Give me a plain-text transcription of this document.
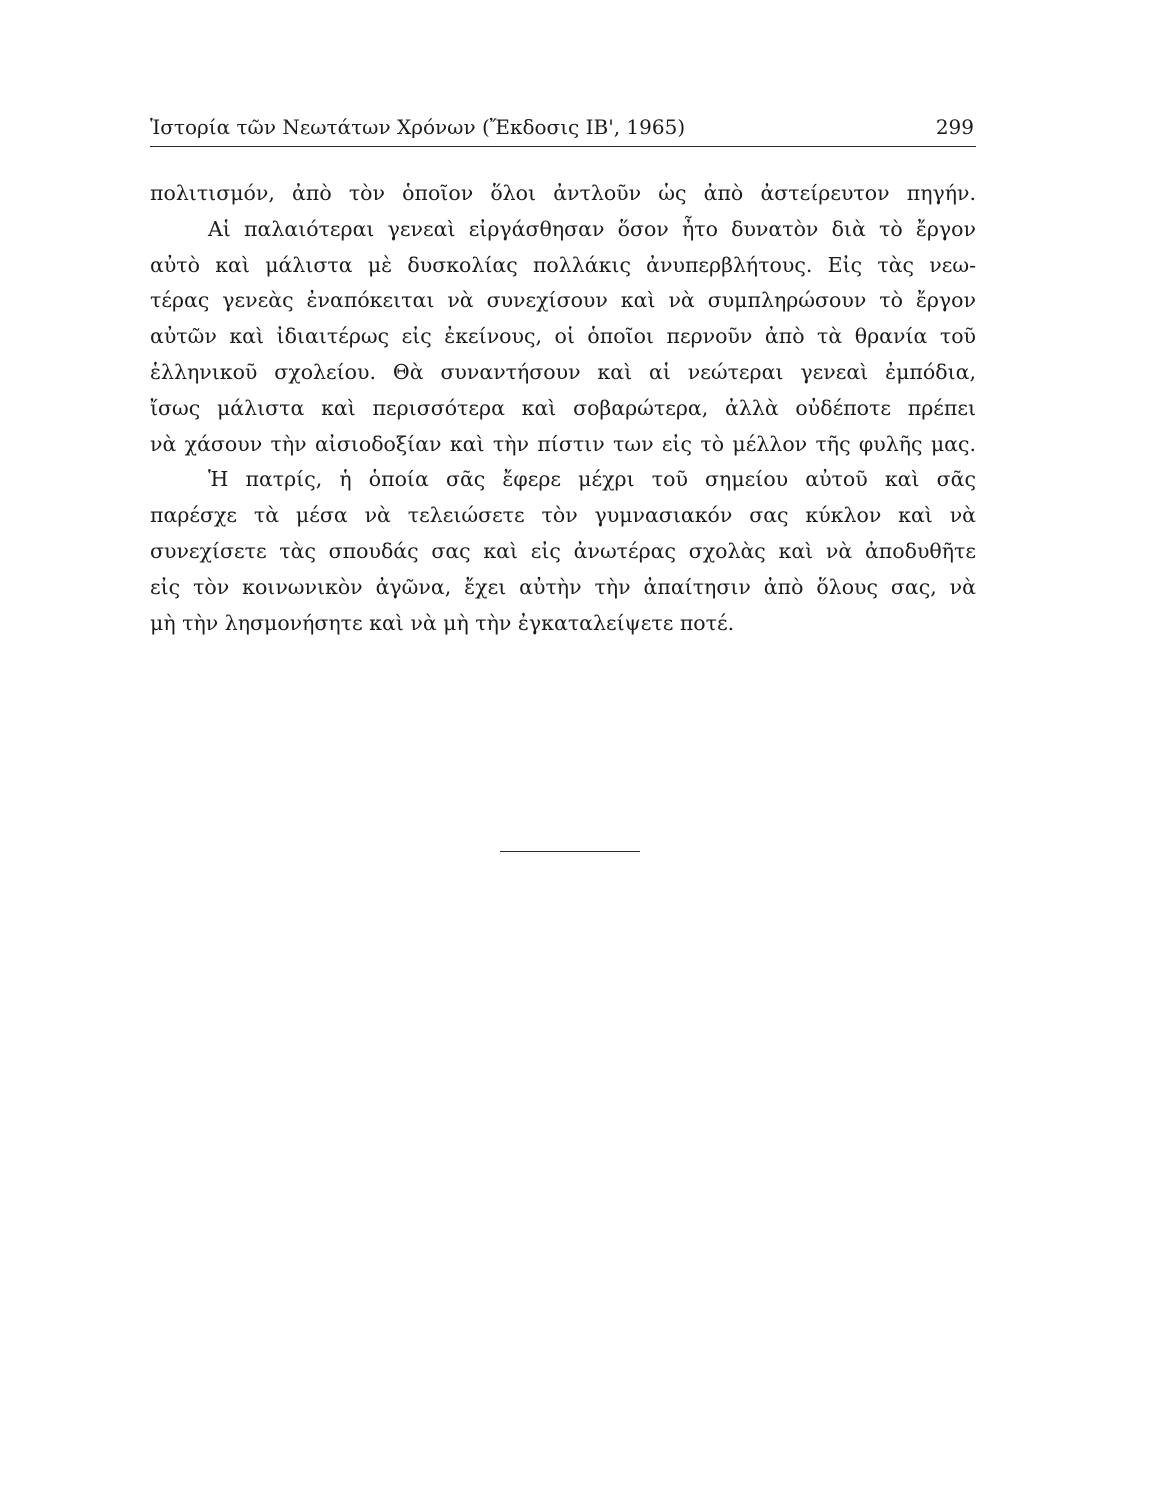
Ἱστορία τῶν Νεωτάτων Χρόνων (Ἔκδοσις ΙΒ', 1965)	299
πολιτισμόν, ἀπὸ τὸν ὁποῖον ὅλοι ἀντλοῦν ὡς ἀπὸ ἀστείρευτον πηγήν.
Αἱ παλαιότεραι γενεαὶ εἰργάσθησαν ὅσον ἦτο δυνατὸν διὰ τὸ ἔργον
αὐτὸ καὶ μάλιστα μὲ δυσκολίας πολλάκις ἀνυπερβλήτους. Εἰς τὰς νεω-
τέρας γενεὰς ἐναπόκειται νὰ συνεχίσουν καὶ νὰ συμπληρώσουν τὸ ἔργον
αὐτῶν καὶ ἰδιαιτέρως εἰς ἐκείνους, οἱ ὁποῖοι περνοῦν ἀπὸ τὰ θρανία τοῦ
ἑλληνικοῦ σχολείου. Θὰ συναντήσουν καὶ αἱ νεώτεραι γενεαὶ ἐμπόδια,
ἴσως μάλιστα καὶ περισσότερα καὶ σοβαρώτερα, ἀλλὰ οὐδέποτε πρέπει
νὰ χάσουν τὴν αἰσιοδοξίαν καὶ τὴν πίστιν των εἰς τὸ μέλλον τῆς φυλῆς μας.
Ἡ πατρίς, ἡ ὁποία σᾶς ἔφερε μέχρι τοῦ σημείου αὐτοῦ καὶ σᾶς
παρέσχε τὰ μέσα νὰ τελειώσετε τὸν γυμνασιακόν σας κύκλον καὶ νὰ
συνεχίσετε τὰς σπουδάς σας καὶ εἰς ἀνωτέρας σχολὰς καὶ νὰ ἀποδυθῆτε
εἰς τὸν κοινωνικὸν ἀγῶνα, ἔχει αὐτὴν τὴν ἀπαίτησιν ἀπὸ ὅλους σας, νὰ
μὴ τὴν λησμονήσητε καὶ νὰ μὴ τὴν ἐγκαταλείψετε ποτέ.
